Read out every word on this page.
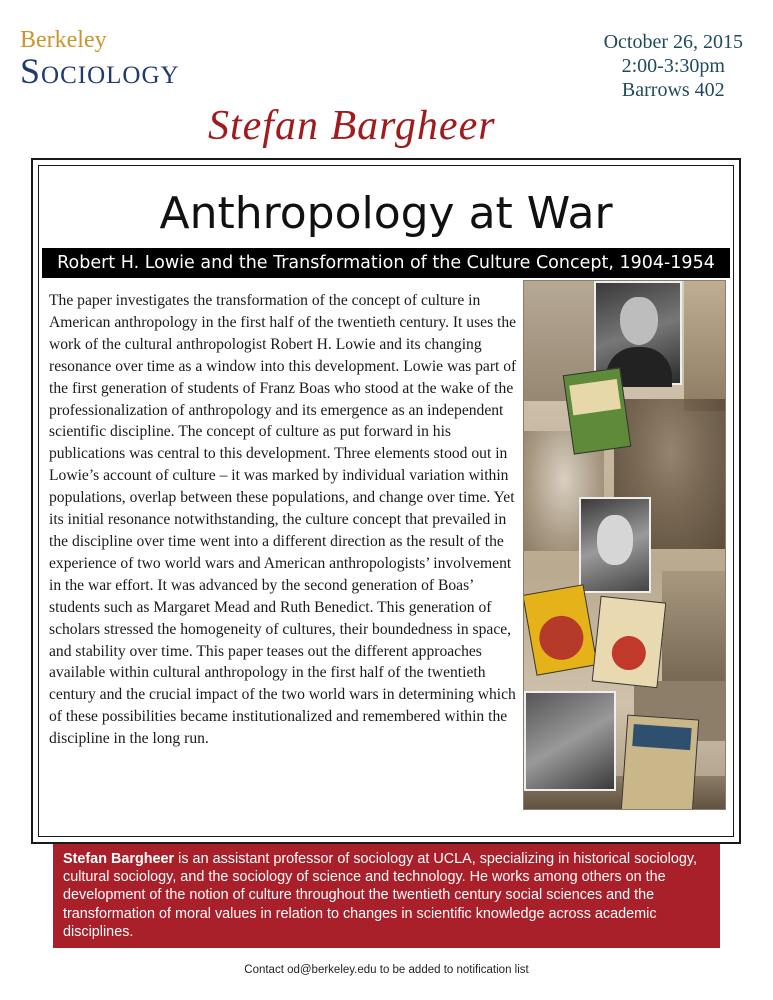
Berkeley
Sociology
October 26, 2015
2:00-3:30pm
Barrows 402
Stefan Bargheer
Anthropology at War
Robert H. Lowie and the Transformation of the Culture Concept, 1904-1954
The paper investigates the transformation of the concept of culture in American anthropology in the first half of the twentieth century. It uses the work of the cultural anthropologist Robert H. Lowie and its changing resonance over time as a window into this development. Lowie was part of the first generation of students of Franz Boas who stood at the wake of the professionalization of anthropology and its emergence as an independent scientific discipline. The concept of culture as put forward in his publications was central to this development. Three elements stood out in Lowie’s account of culture – it was marked by individual variation within populations, overlap between these populations, and change over time. Yet its initial resonance notwithstanding, the culture concept that prevailed in the discipline over time went into a different direction as the result of the experience of two world wars and American anthropologists’ involvement in the war effort. It was advanced by the second generation of Boas’ students such as Margaret Mead and Ruth Benedict. This generation of scholars stressed the homogeneity of cultures, their boundedness in space, and stability over time. This paper teases out the different approaches available within cultural anthropology in the first half of the twentieth century and the crucial impact of the two world wars in determining which of these possibilities became institutionalized and remembered within the discipline in the long run.
Stefan Bargheer is an assistant professor of sociology at UCLA, specializing in historical sociology, cultural sociology, and the sociology of science and technology. He works among others on the development of the notion of culture throughout the twentieth century social sciences and the transformation of moral values in relation to changes in scientific knowledge across academic disciplines.
Contact od@berkeley.edu to be added to notification list
